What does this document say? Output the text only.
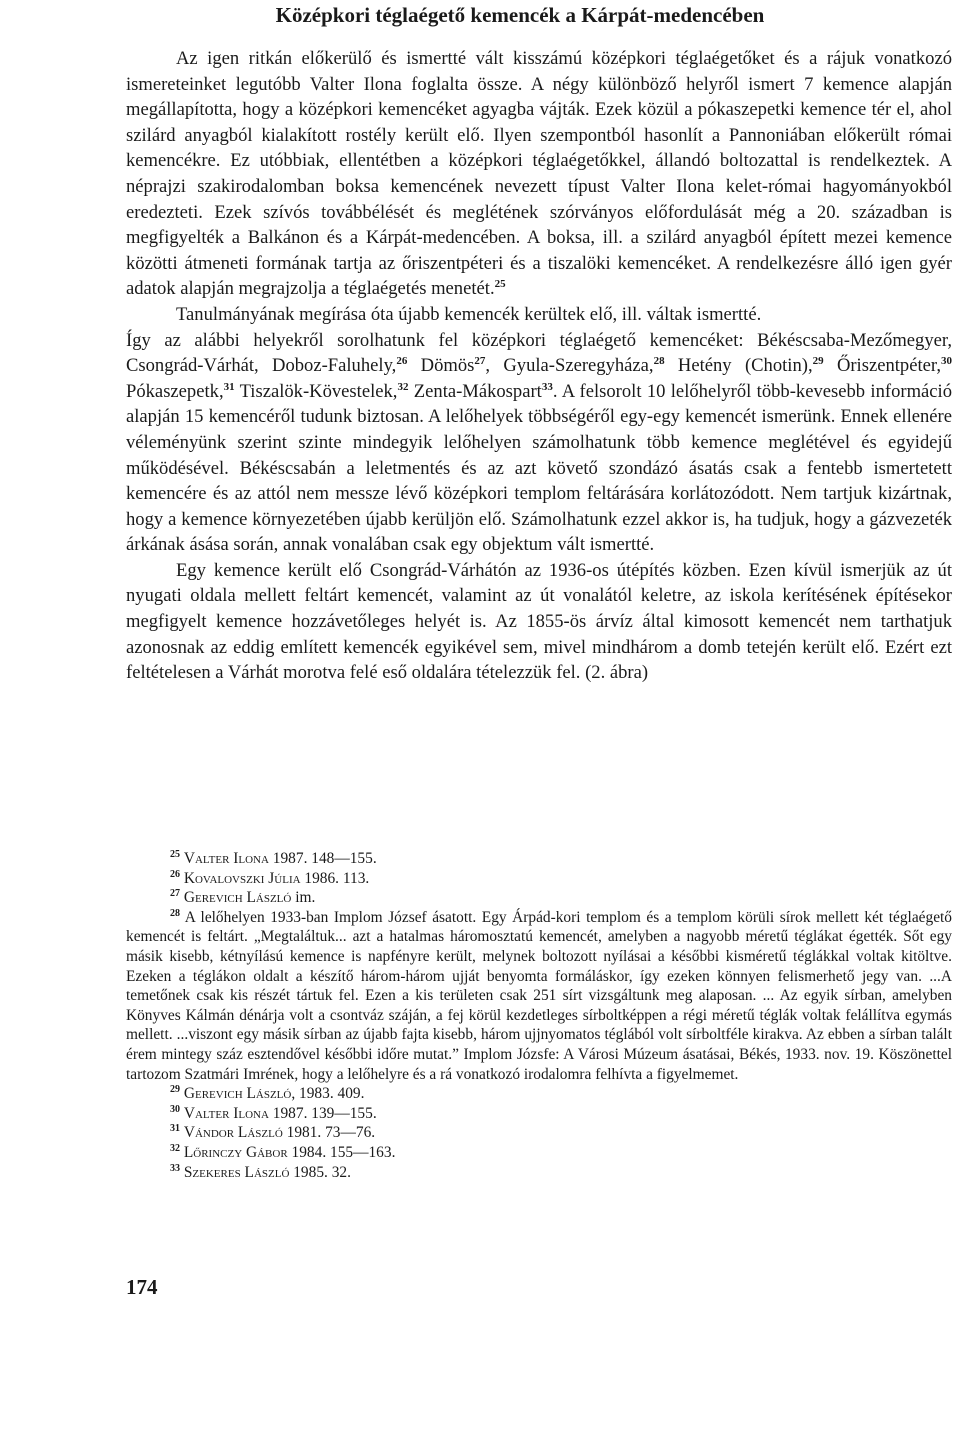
Középkori téglaégető kemencék a Kárpát-medencében

Az igen ritkán előkerülő és ismertté vált kisszámú középkori téglaégetőket és a rájuk vonatkozó ismereteinket legutóbb Valter Ilona foglalta össze. A négy különböző helyről ismert 7 kemence alapján megállapította, hogy a középkori kemencéket agyagba vájták. Ezek közül a pókaszepetki kemence tér el, ahol szilárd anyagból kialakított rostély került elő. Ilyen szempontból hasonlít a Pannoniában előkerült római kemencékre. Ez utóbbiak, ellentétben a középkori téglaégetőkkel, állandó boltozattal is rendelkeztek. A néprajzi szakirodalomban boksa kemencének nevezett típust Valter Ilona kelet-római hagyományokból eredezteti. Ezek szívós továbbélését és meglétének szórványos előfordulását még a 20. században is megfigyelték a Balkánon és a Kárpát-medencében. A boksa, ill. a szilárd anyagból épített mezei kemence közötti átmeneti formának tartja az őriszentpéteri és a tiszalöki kemencéket. A rendelkezésre álló igen gyér adatok alapján megrajzolja a téglaégetés menetét.$^{25}$

Tanulmányának megírása óta újabb kemencék kerültek elő, ill. váltak ismertté.

Így az alábbi helyekről sorolhatunk fel középkori téglaégető kemencéket: Békéscsaba-Mezőmegyer, Csongrád-Várhát, Doboz-Faluhely,$^{26}$ Dömös$^{27}$, Gyula-Szeregyháza,$^{28}$ Hetény (Chotin),$^{29}$ Őriszentpéter,$^{30}$ Pókaszepetk,$^{31}$ Tiszalök-Kövestelek,$^{32}$ Zenta-Mákospart$^{33}$. A felsorolt 10 lelőhelyről több-kevesebb információ alapján 15 kemencéről tudunk biztosan. A lelőhelyek többségéről egy-egy kemencét ismerünk. Ennek ellenére véleményünk szerint szinte mindegyik lelőhelyen számolhatunk több kemence meglétével és egyidejű működésével. Békéscsabán a leletmentés és az azt követő szondázó ásatás csak a fentebb ismertetett kemencére és az attól nem messze lévő középkori templom feltárására korlátozódott. Nem tartjuk kizártnak, hogy a kemence környezetében újabb kerüljön elő. Számolhatunk ezzel akkor is, ha tudjuk, hogy a gázvezeték árkának ásása során, annak vonalában csak egy objektum vált ismertté.

Egy kemence került elő Csongrád-Várhátón az 1936-os útépítés közben. Ezen kívül ismerjük az út nyugati oldala mellett feltárt kemencét, valamint az út vonalától keletre, az iskola kerítésének építésekor megfigyelt kemence hozzávetőleges helyét is. Az 1855-ös árvíz által kimosott kemencét nem tarthatjuk azonosnak az eddig említett kemencék egyikével sem, mivel mindhárom a domb tetején került elő. Ezért ezt feltételesen a Várhát morotva felé eső oldalára tételezzük fel. (2. ábra)

$^{25}$ Valter Ilona 1987. 148—155.

$^{26}$ Kovalovszki Júlia 1986. 113.

$^{27}$ Gerevich László im.

$^{28}$ A lelőhelyen 1933-ban Implom József ásatott. Egy Árpád-kori templom és a templom körüli sírok mellett két téglaégető kemencét is feltárt. „Megtaláltuk... azt a hatalmas háromosztatú kemencét, amelyben a nagyobb méretű téglákat égették. Sőt egy másik kisebb, kétnyílású kemence is napfényre került, melynek boltozott nyílásai a későbbi kisméretű téglákkal voltak kitöltve. Ezeken a téglákon oldalt a készítő három-három ujját benyomta formáláskor, így ezeken könnyen felismerhető jegy van. ...A temetőnek csak kis részét tártuk fel. Ezen a kis területen csak 251 sírt vizsgáltunk meg alaposan. ... Az egyik sírban, amelyben Könyves Kálmán dénárja volt a csontváz száján, a fej körül kezdetleges sírboltképpen a régi méretű téglák voltak felállítva egymás mellett. ...viszont egy másik sírban az újabb fajta kisebb, három ujjnyomatos téglából volt sírboltféle kirakva. Az ebben a sírban talált érem mintegy száz esztendővel későbbi időre mutat.” Implom Józsfe: A Városi Múzeum ásatásai, Békés, 1933. nov. 19. Köszönettel tartozom Szatmári Imrének, hogy a lelőhelyre és a rá vonatkozó irodalomra felhívta a figyelmemet.

$^{29}$ Gerevich László, 1983. 409.

$^{30}$ Valter Ilona 1987. 139—155.

$^{31}$ Vándor László 1981. 73—76.

$^{32}$ Lőrinczy Gábor 1984. 155—163.

$^{33}$ Szekeres László 1985. 32.

174
